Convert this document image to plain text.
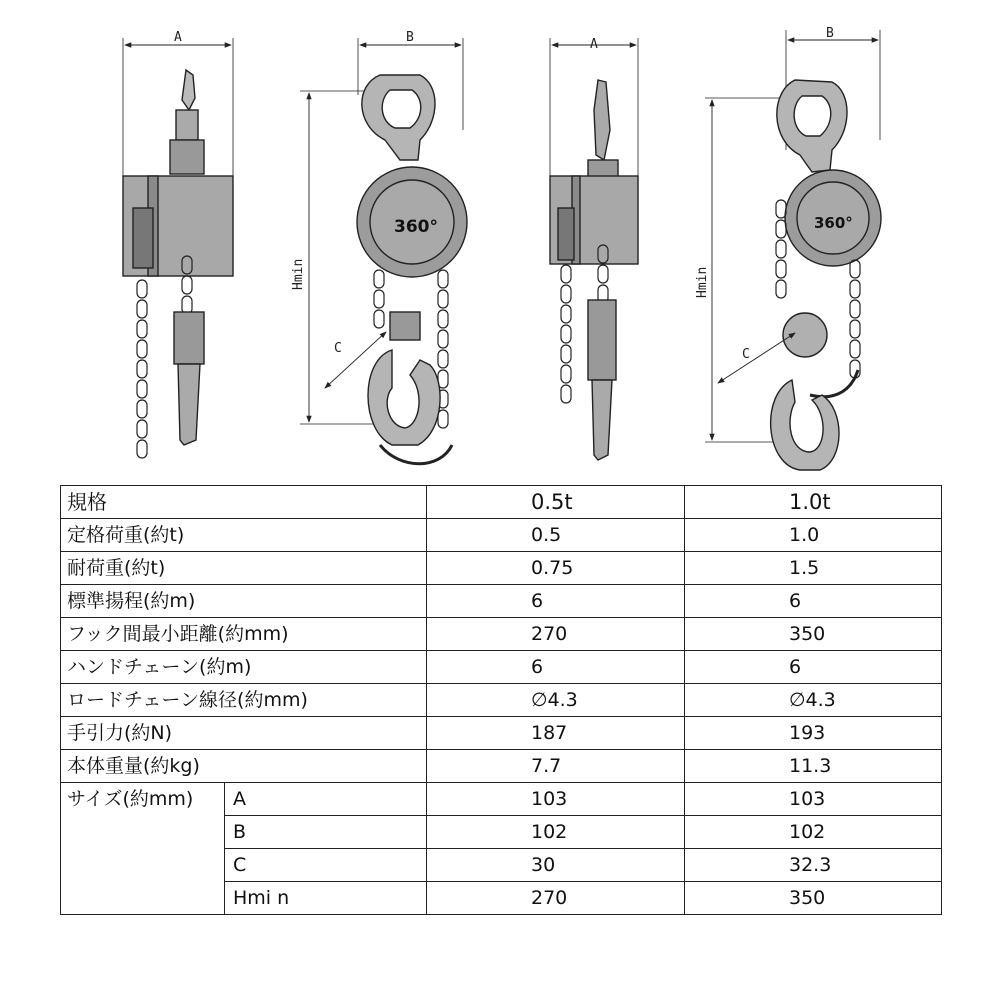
A	B
Hmin
C
360°
A
B
Hmin
C
360°
規格		0.5t	1.0t
定格荷重(約t)		0.5	1.0
耐荷重(約t)		0.75	1.5
標準揚程(約m)		6	6
フック間最小距離(約mm)		270	350
ハンドチェーン(約m)		6	6
ロードチェーン線径(約mm)		∅4.3	∅4.3
手引力(約N)		187	193
本体重量(約kg)		7.7	11.3
サイズ(約mm)	A	103	103
	B	102	102
	C	30	32.3
	Hmi n	270	350
